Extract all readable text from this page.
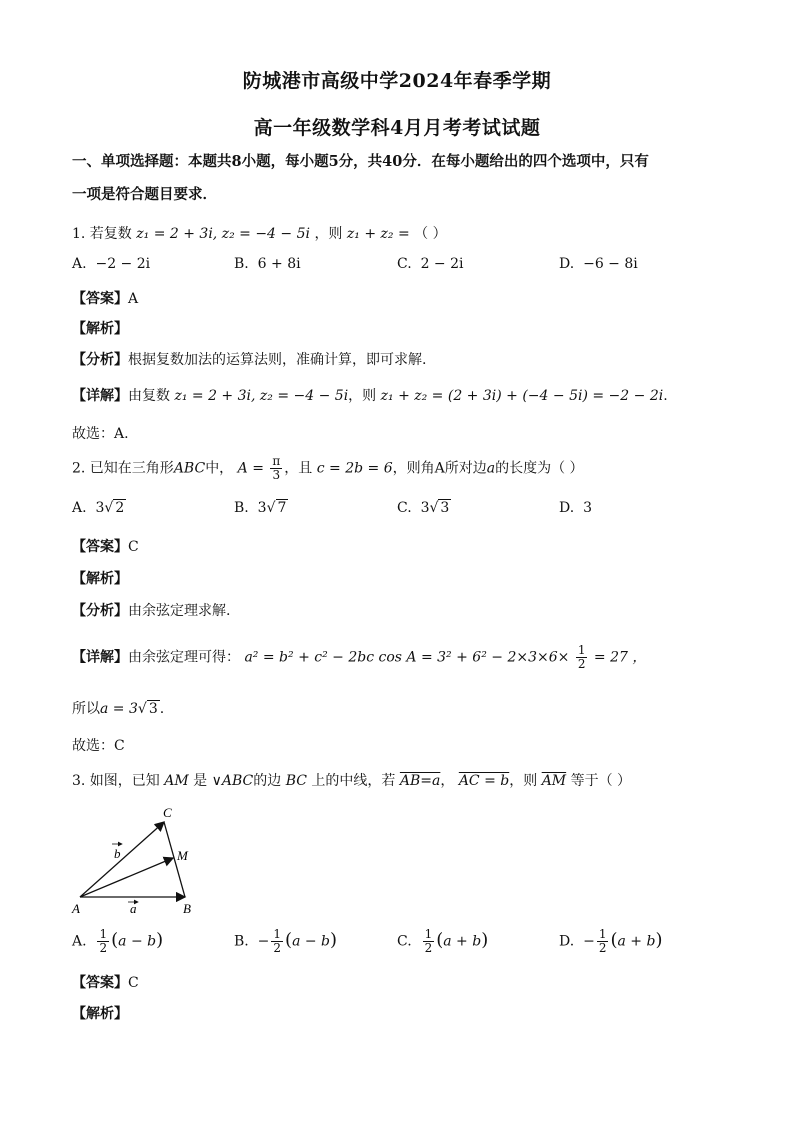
防城港市高级中学2024年春季学期
高一年级数学科4月月考考试试题
一、单项选择题：本题共8小题，每小题5分，共40分．在每小题给出的四个选项中，只有
一项是符合题目要求．
1. 若复数 z₁ = 2 + 3i, z₂ = −4 − 5i ，则 z₁ + z₂ = （ ）
A. −2 − 2i	B. 6 + 8i	C. 2 − 2i	D. −6 − 8i
【答案】A
【解析】
【分析】根据复数加法的运算法则，准确计算，即可求解.
【详解】由复数 z₁ = 2 + 3i, z₂ = −4 − 5i，则 z₁ + z₂ = (2 + 3i) + (−4 − 5i) = −2 − 2i.
故选：A.
2. 已知在三角形ABC中， $A = \frac{\pi}{3}$ ，且 c = 2b = 6，则角A所对边a的长度为（ ）
A. 3√ 2	B. 3√ 7	C. 3√ 3	D. 3
【答案】C
【解析】
【分析】由余弦定理求解.
【详解】由余弦定理可得： a² = b² + c² − 2bc $\cos A = 3^2 + 6^2 - 2\times 3\times 6\times \frac{1}{2} = 27$ ，
所以a = 3√ 3 .
故选：C
3. 如图，已知 AM 是 ∨ABC的边 BC 上的中线，若 AB=a， AC = b，则 $\overline{AM}$ 等于（ ）
A	B
C
M
b
a
A. $\frac{1}{2} (a - b)$	B. − $\frac{1}{2} (a - b)$	C. $\frac{1}{2} (a + b)$	D. − $\frac{1}{2} (a + b)$
【答案】C
【解析】
